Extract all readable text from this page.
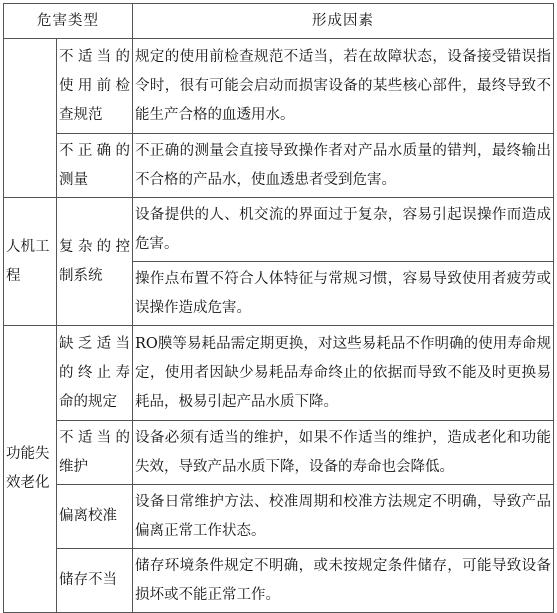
危害类型		形成因素
	不适当的使用前检查规范	规定的使用前检查规范不适当，若在故障状态，设备接受错误指令时，很有可能会启动而损害设备的某些核心部件，最终导致不能生产合格的血透用水。
	不正确的测量	不正确的测量会直接导致操作者对产品水质量的错判，最终输出不合格的产品水，使血透患者受到危害。
人机工程	复杂的控制系统	设备提供的人、机交流的界面过于复杂，容易引起误操作而造成危害。
		操作点布置不符合人体特征与常规习惯，容易导致使用者疲劳或误操作造成危害。
功能失效老化	缺乏适当的终止寿命的规定	RO膜等易耗品需定期更换，对这些易耗品不作明确的使用寿命规定，使用者因缺少易耗品寿命终止的依据而导致不能及时更换易耗品，极易引起产品水质下降。
	不适当的维护	设备必须有适当的维护，如果不作适当的维护，造成老化和功能失效，导致产品水质下降，设备的寿命也会降低。
	偏离校准	设备日常维护方法、校准周期和校准方法规定不明确，导致产品偏离正常工作状态。
	储存不当	储存环境条件规定不明确，或未按规定条件储存，可能导致设备损坏或不能正常工作。
